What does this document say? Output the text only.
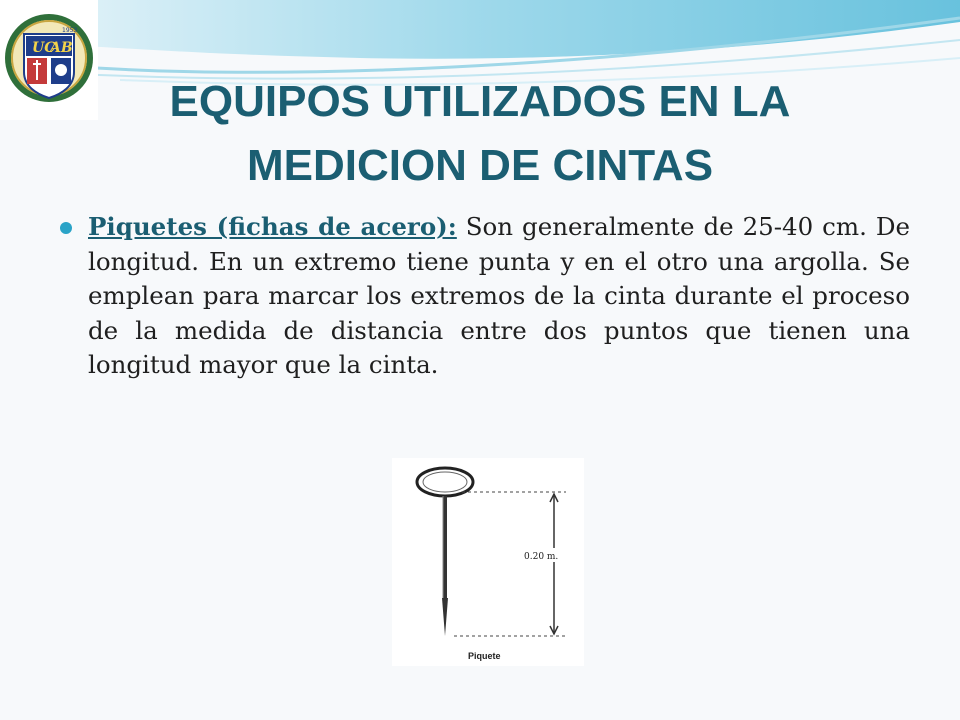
UC
AB
1953
EQUIPOS UTILIZADOS EN LA
MEDICION DE CINTAS

Piquetes (fichas de acero): Son generalmente de 25-40 cm. De longitud. En un extremo tiene punta y en el otro una argolla. Se emplean para marcar los extremos de la cinta durante el proceso de la medida de distancia entre dos puntos que tienen una longitud mayor que la cinta.

0.20 m.
Piquete
